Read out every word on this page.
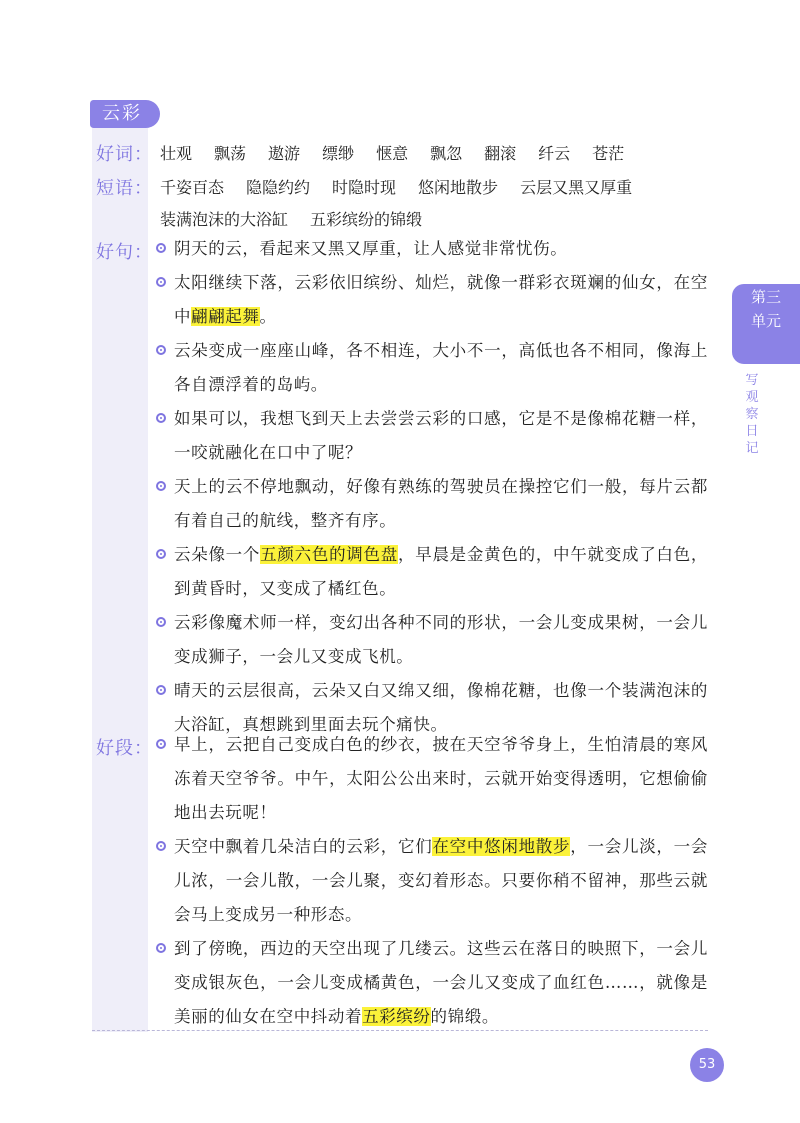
云彩
好词： 壮观 飘荡 遨游 缥缈 惬意 飘忽 翻滚 纤云 苍茫
短语： 千姿百态 隐隐约约 时隐时现 悠闲地散步 云层又黑又厚重
装满泡沫的大浴缸 五彩缤纷的锦缎
好句：	阴天的云，看起来又黑又厚重，让人感觉非常忧伤。
太阳继续下落，云彩依旧缤纷、灿烂，就像一群彩衣斑斓的仙女，在空中翩翩起舞。
云朵变成一座座山峰，各不相连，大小不一，高低也各不相同，像海上各自漂浮着的岛屿。
如果可以，我想飞到天上去尝尝云彩的口感，它是不是像棉花糖一样，一咬就融化在口中了呢？
天上的云不停地飘动，好像有熟练的驾驶员在操控它们一般，每片云都有着自己的航线，整齐有序。
云朵像一个五颜六色的调色盘，早晨是金黄色的，中午就变成了白色，到黄昏时，又变成了橘红色。
云彩像魔术师一样，变幻出各种不同的形状，一会儿变成果树，一会儿变成狮子，一会儿又变成飞机。
晴天的云层很高，云朵又白又绵又细，像棉花糖，也像一个装满泡沫的大浴缸，真想跳到里面去玩个痛快。
好段：	早上，云把自己变成白色的纱衣，披在天空爷爷身上，生怕清晨的寒风冻着天空爷爷。中午，太阳公公出来时，云就开始变得透明，它想偷偷地出去玩呢！
天空中飘着几朵洁白的云彩，它们在空中悠闲地散步，一会儿淡，一会儿浓，一会儿散，一会儿聚，变幻着形态。只要你稍不留神，那些云就会马上变成另一种形态。
到了傍晚，西边的天空出现了几缕云。这些云在落日的映照下，一会儿变成银灰色，一会儿变成橘黄色，一会儿又变成了血红色……，就像是美丽的仙女在空中抖动着五彩缤纷的锦缎。
第三
单元
写观察日记
53
